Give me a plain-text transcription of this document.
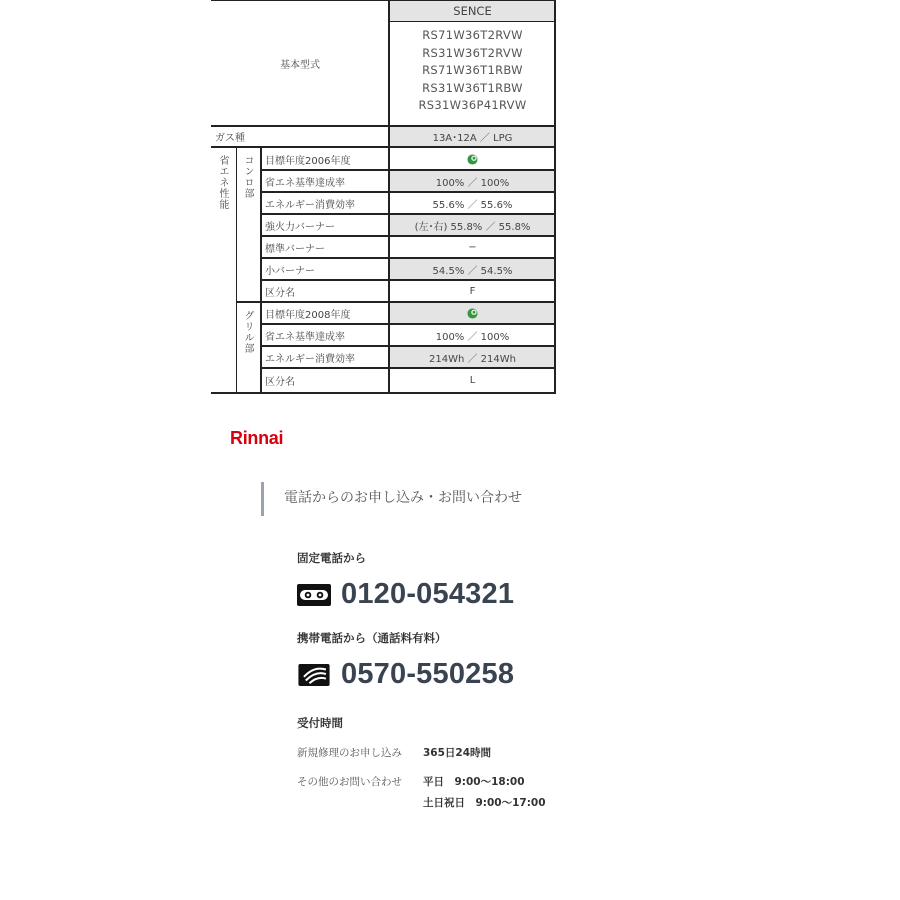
SENCE
基本型式
RS71W36T2RVW
RS31W36T2RVW
RS71W36T1RBW
RS31W36T1RBW
RS31W36P41RVW
ガス種	13A･12A ／ LPG
省エネ性能 コンロ部
グリル部
目標年度2006年度
省エネ基準達成率	100% ／ 100%
エネルギー消費効率	55.6% ／ 55.6%
強火力バーナー	(左･右) 55.8% ／ 55.8%
標準バーナー	−
小バーナー	54.5% ／ 54.5%
区分名	F
目標年度2008年度
省エネ基準達成率	100% ／ 100%
エネルギー消費効率	214Wh ／ 214Wh
区分名	L
Rinnai
電話からのお申し込み・お問い合わせ
固定電話から
0120-054321
携帯電話から（通話料有料）
0570-550258
受付時間
新規修理のお申し込み 365日24時間
その他のお問い合わせ 平日　9:00～18:00
土日祝日　9:00～17:00
